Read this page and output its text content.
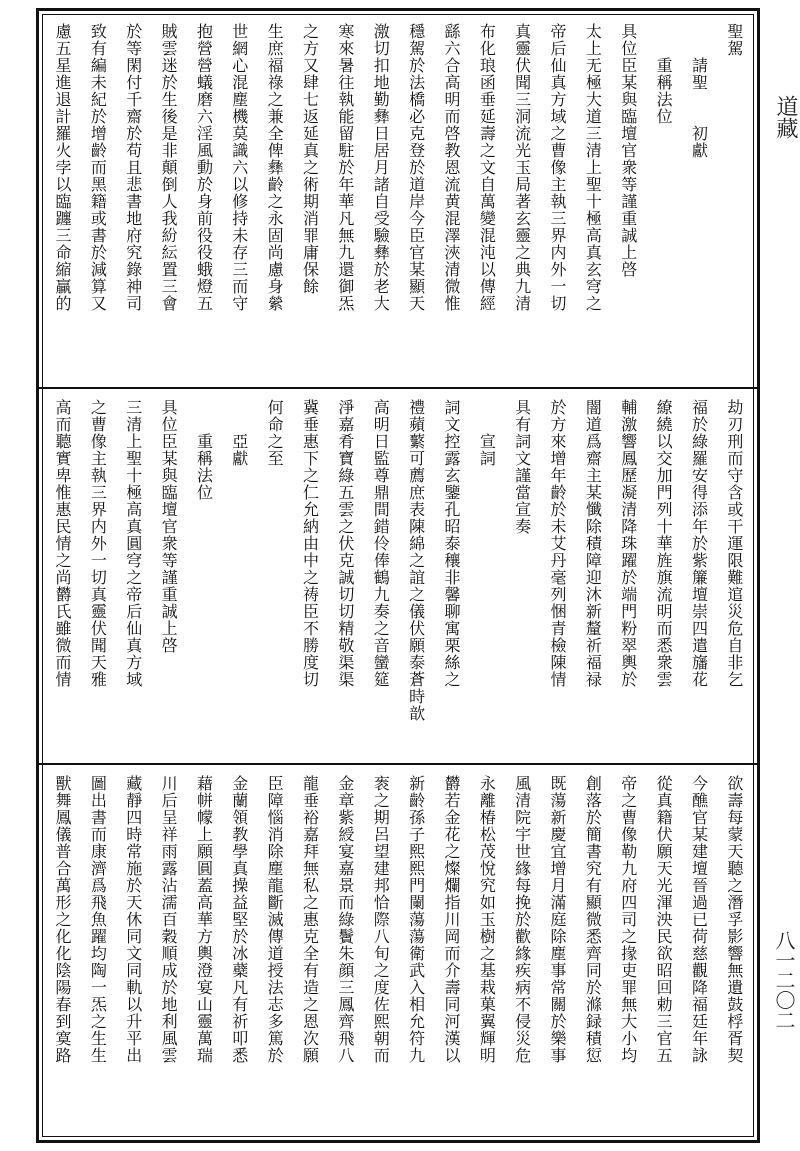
道藏
八一二〇二
聖駕
　　請聖　　初獻
　　重稱法位
具位臣某與臨壇官衆等謹重誠上啓
太上无極大道三清上聖十極高真玄穹之
帝后仙真方域之曹像主執三界内外一切
真靈伏聞三洞流光玉局著玄靈之典九清
布化琅函垂延壽之文自萬變混沌以傳經
繇六合高明而啓教恩流黄混澤浹清微惟
穩駕於法橋必克登於道岸今臣官某顯天
激切扣地勤彝日居月諸自受驗彝於老大
寒來暑往執能留駐於年華凡無九還御炁
之方又肆七返延真之術期消罪庸保餘
生庶福祿之兼全俾彝齡之永固尚慮身縈
世網心混塵機莫識六以修持未存三而守
抱營營蟻磨六淫風動於身前役役蛾燈五
賊雲迷於生後是非顛倒人我紛紜置三會
於等閑付千齋於苟且悲書地府究錄神司
致有編未紀於增齡而黑籍或書於減算又
慮五星進退計羅火孛以臨躔三命縮贏的
劫刃刑而守含或干運限難逭災危自非乞
福於綠羅安得添年於紫簾壇崇四遣旛花
繚繞以交加門列十華旌旗流明而悉衆雲
輔激響鳳歷凝清降珠躍於端門粉翠輿於
闇道爲齋主某懺除積障迎沐新釐祈福禄
於方來增年齡於未艾丹毫列悃青檢陳情
具有詞文謹當宣奏
　　宣詞
詞文控露玄鑒孔昭泰穰非馨聊寓栗絲之
禮蘋蘩可薦庶表陳綿之誼之儀伏願泰蒼時歆
高明日監尊鼎間錯伶俸鶴九奏之音蠻筵
淨嘉肴寶綠五雲之伏克誠切切精敬渠渠
冀垂惠下之仁允納由中之祷臣不勝度切
何命之至
　　亞獻
　　重稱法位
具位臣某與臨壇官衆等謹重誠上啓
三清上聖十極高真圓穹之帝后仙真方域
之曹像主執三界内外一切真靈伏聞天雅
高而聽實卑惟惠民情之尚欝氏雖微而情
欲壽每蒙天聽之潛孚影響無遺鼓桴胥契
今醮官某建壇晉過已荷慈觀降福廷年詠
從真籍伏願天光渾泱民欲昭回勅三官五
帝之曹像勒九府四司之掾吏罪無大小均
創落於簡書究有顯微悉齊同於滌録積愆
既蕩新慶宜增月滿庭除塵事常關於樂事
風清院宇世緣每挽於歡緣疾病不侵災危
永離椿松茂悅究如玉樹之基栽菓翼輝明
欝若金花之燦爛指川岡而介壽同河漢以
新齡孫子熙熙門闌蕩蕩衛武入相允符九
袠之期呂望建邦恰際八旬之度佐熙朝而
金章紫綬宴嘉景而綠鬢朱顔三鳳齊飛八
龍垂裕嘉拜無私之惠克全有造之恩次願
臣障惱消除塵龍斷滅傳道授法志多篤於
金蘭領教學真操益堅於冰蘗凡有祈叩悉
藉帡幪上願圓蓋高華方輿澄宴山靈萬瑞
川后呈祥雨露沾濡百穀順成於地利風雲
藏靜四時常施於天休同文同軌以升平出
圖出書而康濟爲飛魚躍均陶一炁之生生
獸舞鳳儀普合萬形之化化陰陽春到寞路
